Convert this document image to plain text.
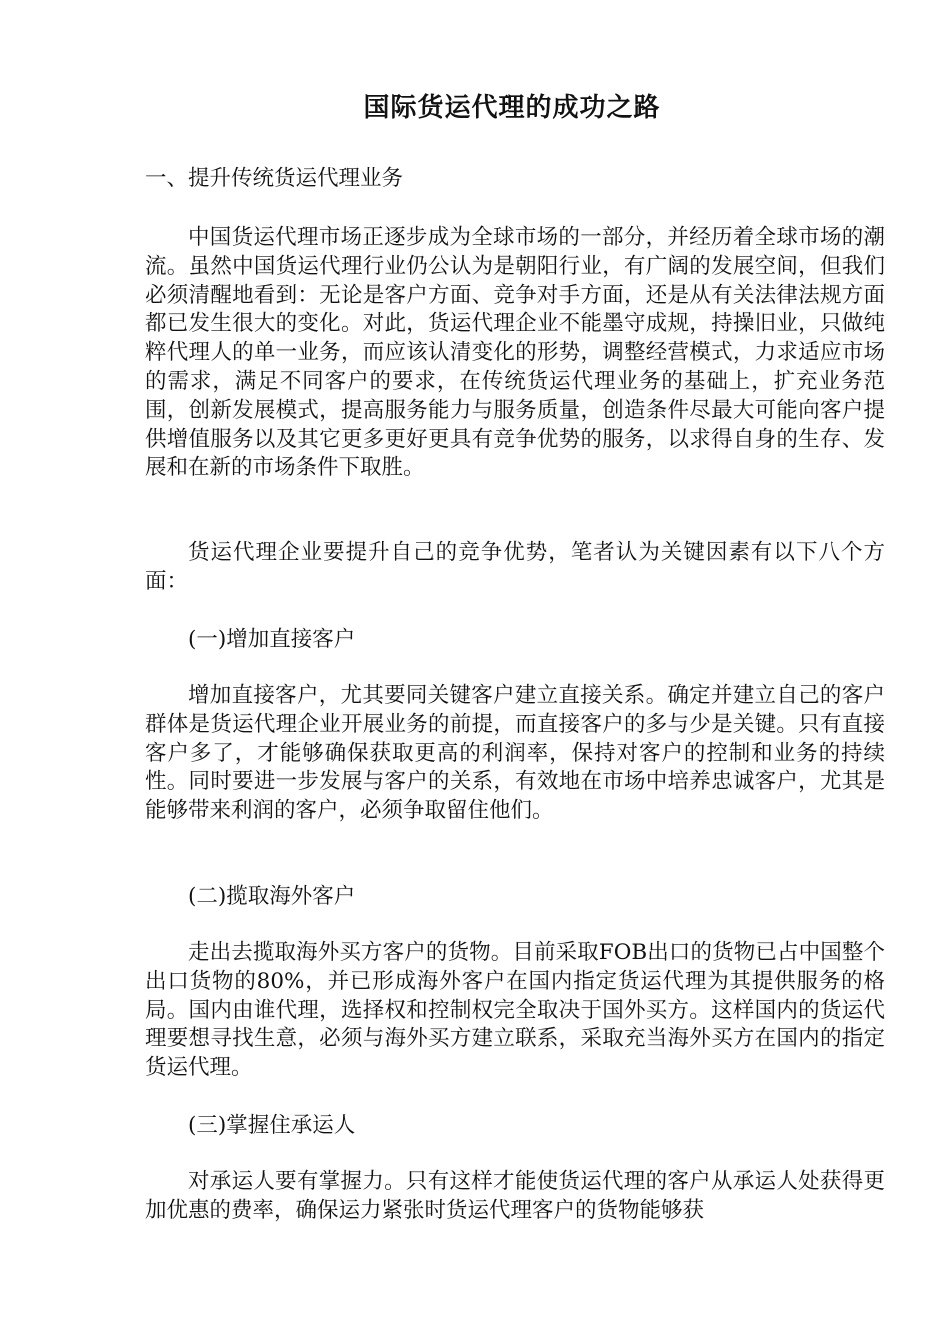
国际货运代理的成功之路

一、提升传统货运代理业务

中国货运代理市场正逐步成为全球市场的一部分，并经历着全球市场的潮流。虽然中国货运代理行业仍公认为是朝阳行业，有广阔的发展空间，但我们必须清醒地看到：无论是客户方面、竞争对手方面，还是从有关法律法规方面都已发生很大的变化。对此，货运代理企业不能墨守成规，持操旧业，只做纯粹代理人的单一业务，而应该认清变化的形势，调整经营模式，力求适应市场的需求，满足不同客户的要求，在传统货运代理业务的基础上，扩充业务范围，创新发展模式，提高服务能力与服务质量，创造条件尽最大可能向客户提供增值服务以及其它更多更好更具有竞争优势的服务，以求得自身的生存、发展和在新的市场条件下取胜。

货运代理企业要提升自己的竞争优势，笔者认为关键因素有以下八个方面：

(一)增加直接客户

增加直接客户，尤其要同关键客户建立直接关系。确定并建立自己的客户群体是货运代理企业开展业务的前提，而直接客户的多与少是关键。只有直接客户多了，才能够确保获取更高的利润率，保持对客户的控制和业务的持续性。同时要进一步发展与客户的关系，有效地在市场中培养忠诚客户，尤其是能够带来利润的客户，必须争取留住他们。

(二)揽取海外客户

走出去揽取海外买方客户的货物。目前采取FOB出口的货物已占中国整个出口货物的80%，并已形成海外客户在国内指定货运代理为其提供服务的格局。国内由谁代理，选择权和控制权完全取决于国外买方。这样国内的货运代理要想寻找生意，必须与海外买方建立联系，采取充当海外买方在国内的指定货运代理。

(三)掌握住承运人

对承运人要有掌握力。只有这样才能使货运代理的客户从承运人处获得更加优惠的费率，确保运力紧张时货运代理客户的货物能够获
